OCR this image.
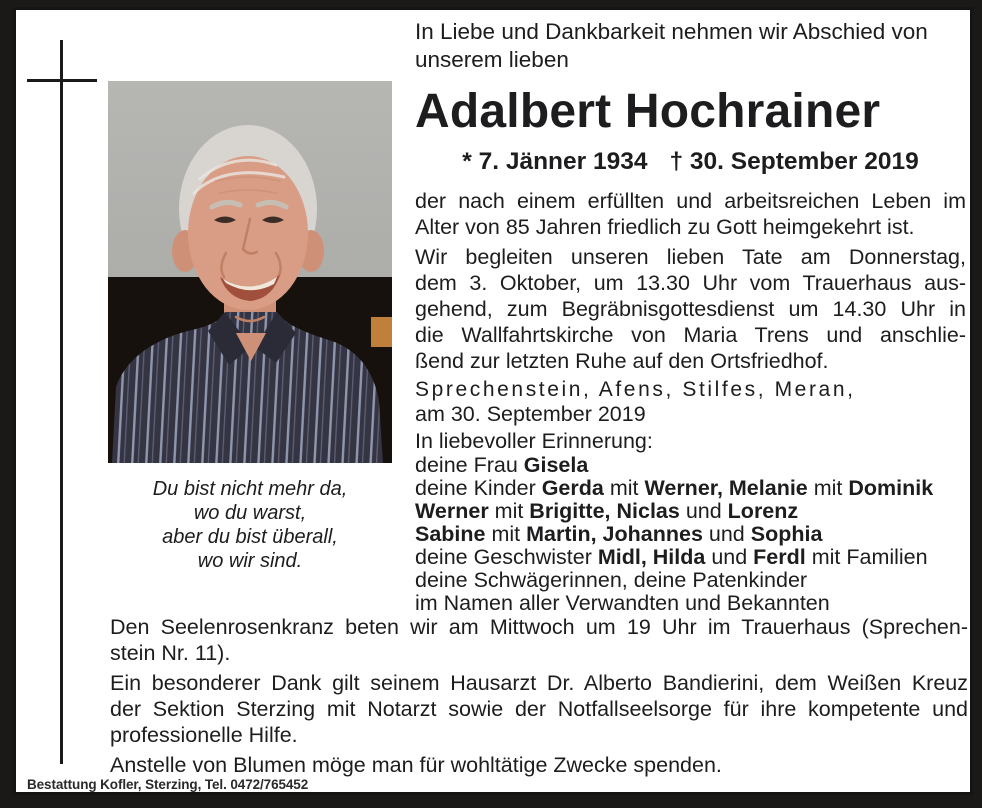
Du bist nicht mehr da,
wo du warst,
aber du bist überall,
wo wir sind.
In Liebe und Dankbarkeit nehmen wir Abschied von
unserem lieben
Adalbert Hochrainer
* 7. Jänner 1934 † 30. September 2019
der nach einem erfüllten und arbeitsreichen Leben im
Alter von 85 Jahren friedlich zu Gott heimgekehrt ist.
Wir begleiten unseren lieben Tate am Donnerstag,
dem 3. Oktober, um 13.30 Uhr vom Trauerhaus aus-
gehend, zum Begräbnisgottesdienst um 14.30 Uhr in
die Wallfahrtskirche von Maria Trens und anschlie-
ßend zur letzten Ruhe auf den Ortsfriedhof.
Sprechenstein, Afens, Stilfes, Meran,
am 30. September 2019
In liebevoller Erinnerung:
deine Frau Gisela
deine Kinder Gerda mit Werner, Melanie mit Dominik
Werner mit Brigitte, Niclas und Lorenz
Sabine mit Martin, Johannes und Sophia
deine Geschwister Midl, Hilda und Ferdl mit Familien
deine Schwägerinnen, deine Patenkinder
im Namen aller Verwandten und Bekannten
Den Seelenrosenkranz beten wir am Mittwoch um 19 Uhr im Trauerhaus (Sprechen-
stein Nr. 11).
Ein besonderer Dank gilt seinem Hausarzt Dr. Alberto Bandierini, dem Weißen Kreuz
der Sektion Sterzing mit Notarzt sowie der Notfallseelsorge für ihre kompetente und
professionelle Hilfe.
Anstelle von Blumen möge man für wohltätige Zwecke spenden.
Bestattung Kofler, Sterzing, Tel. 0472/765452
